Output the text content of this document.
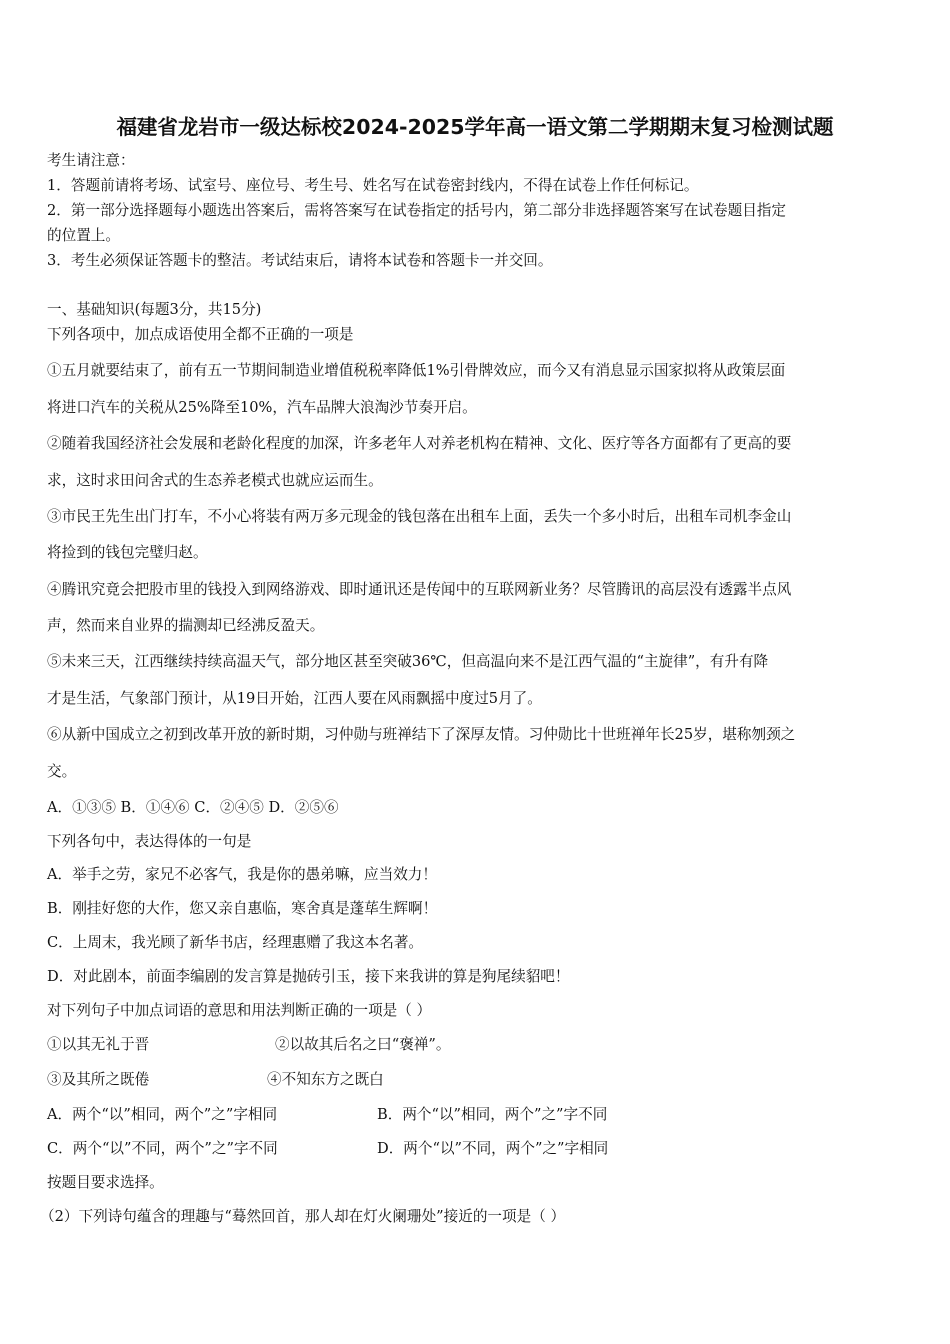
福建省龙岩市一级达标校2024-2025学年高一语文第二学期期末复习检测试题
考生请注意：
1．答题前请将考场、试室号、座位号、考生号、姓名写在试卷密封线内，不得在试卷上作任何标记。
2．第一部分选择题每小题选出答案后，需将答案写在试卷指定的括号内，第二部分非选择题答案写在试卷题目指定
的位置上。
3．考生必须保证答题卡的整洁。考试结束后，请将本试卷和答题卡一并交回。
一、基础知识(每题3分，共15分)
下列各项中，加点成语使用全都不正确的一项是
①五月就要结束了，前有五一节期间制造业增值税税率降低1%引骨牌效应，而今又有消息显示国家拟将从政策层面
将进口汽车的关税从25%降至10%，汽车品牌大浪淘沙节奏开启。
②随着我国经济社会发展和老龄化程度的加深，许多老年人对养老机构在精神、文化、医疗等各方面都有了更高的要
求，这时求田问舍式的生态养老模式也就应运而生。
③市民王先生出门打车，不小心将装有两万多元现金的钱包落在出租车上面，丢失一个多小时后，出租车司机李金山
将捡到的钱包完璧归赵。
④腾讯究竟会把股市里的钱投入到网络游戏、即时通讯还是传闻中的互联网新业务？尽管腾讯的高层没有透露半点风
声，然而来自业界的揣测却已经沸反盈天。
⑤未来三天，江西继续持续高温天气，部分地区甚至突破36℃，但高温向来不是江西气温的“主旋律”，有升有降
才是生活，气象部门预计，从19日开始，江西人要在风雨飘摇中度过5月了。
⑥从新中国成立之初到改革开放的新时期，习仲勋与班禅结下了深厚友情。习仲勋比十世班禅年长25岁，堪称刎颈之
交。
A．①③⑤ B．①④⑥ C．②④⑤ D．②⑤⑥
下列各句中，表达得体的一句是
A．举手之劳，家兄不必客气，我是你的愚弟嘛，应当效力！
B．刚挂好您的大作，您又亲自惠临，寒舍真是蓬荜生辉啊！
C．上周末，我光顾了新华书店，经理惠赠了我这本名著。
D．对此剧本，前面李编剧的发言算是抛砖引玉，接下来我讲的算是狗尾续貂吧！
对下列句子中加点词语的意思和用法判断正确的一项是（ ）
①以其无礼于晋	②以故其后名之曰“褒禅”。
③及其所之既倦	④不知东方之既白
A．两个“以”相同，两个”之”字相同	B．两个“以”相同，两个”之”字不同
C．两个“以”不同，两个”之”字不同	D．两个“以”不同，两个”之”字相同
按题目要求选择。
（2）下列诗句蕴含的理趣与“蓦然回首，那人却在灯火阑珊处”接近的一项是（ ）
